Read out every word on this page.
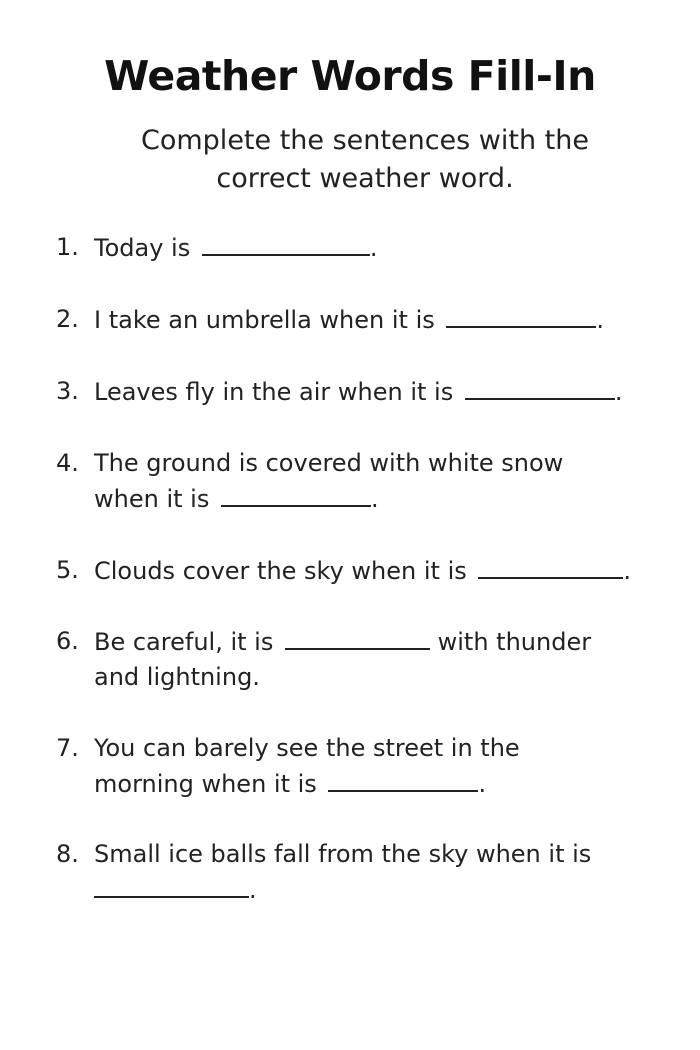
Weather Words Fill-In
Complete the sentences with the correct weather word.
1. Today is	.
2. I take an umbrella when it is	.
3. Leaves fly in the air when it is	.
4. The ground is covered with white snow
when it is	.
5. Clouds cover the sky when it is	.
6. Be careful, it is	with thunder
and lightning.
7. You can barely see the street in the
morning when it is	.
8. Small ice balls fall from the sky when it is
.
